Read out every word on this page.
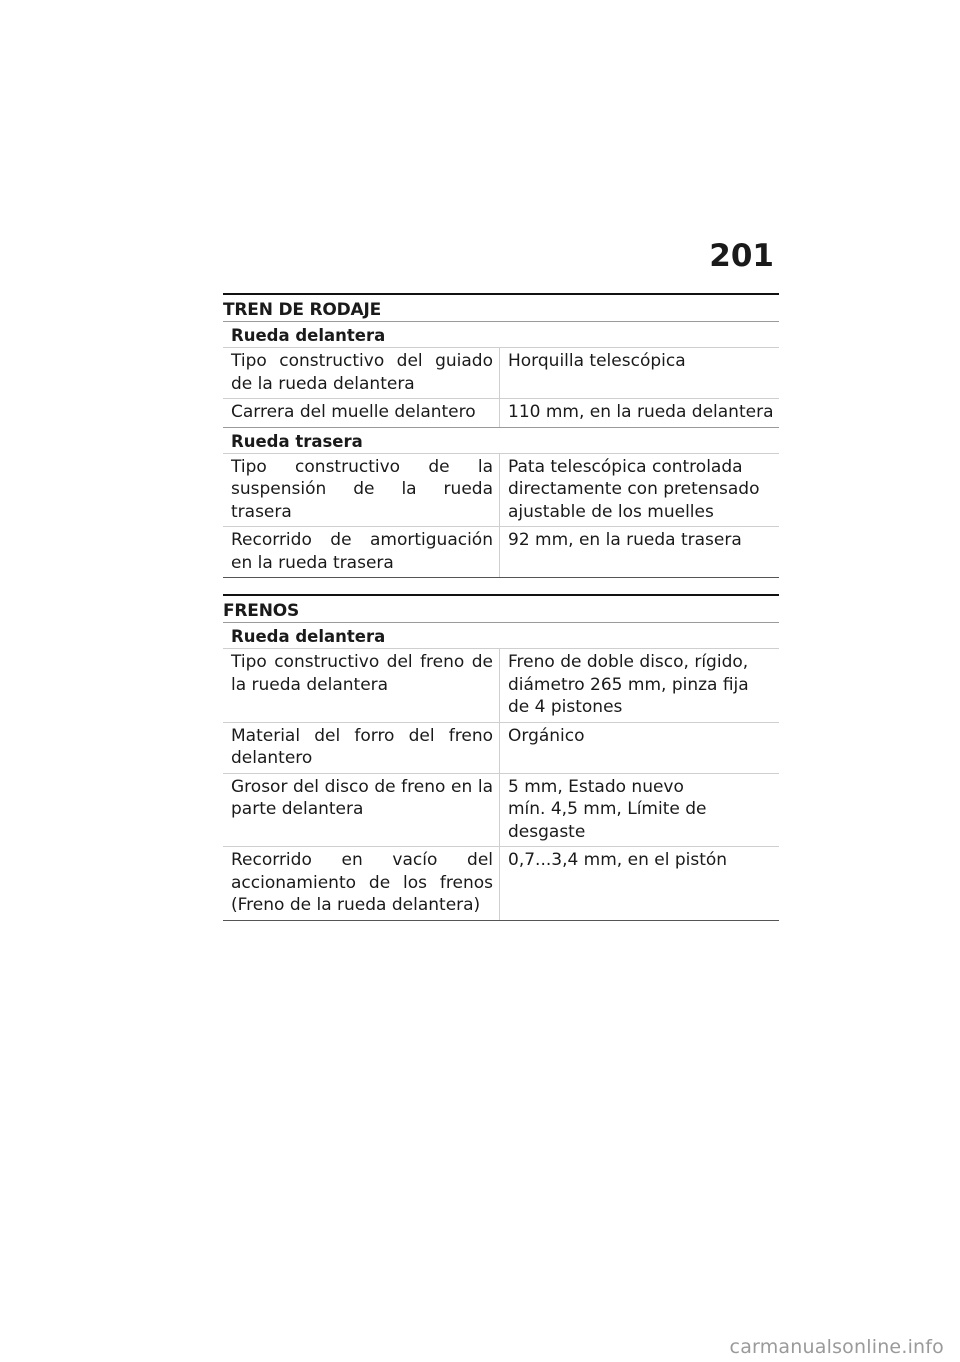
201
TREN DE RODAJE
Rueda delantera
Tipo constructivo del guiado de la rueda delantera
Horquilla telescópica
Carrera del muelle delantero	110 mm, en la rueda delantera
Rueda trasera
Tipo constructivo de la suspensión de la rueda trasera
Pata telescópica controlada directamente con pretensado ajustable de los muelles
Recorrido de amortiguación en la rueda trasera
92 mm, en la rueda trasera
FRENOS
Rueda delantera
Tipo constructivo del freno de la rueda delantera
Freno de doble disco, rígido, diámetro 265 mm, pinza fija de 4 pistones
Material del forro del freno delantero
Orgánico
Grosor del disco de freno en la parte delantera
5 mm, Estado nuevo
mín. 4,5 mm, Límite de desgaste
Recorrido en vacío del accionamiento de los frenos (Freno de la rueda delantera)
0,7...3,4 mm, en el pistón
carmanualsonline.info
